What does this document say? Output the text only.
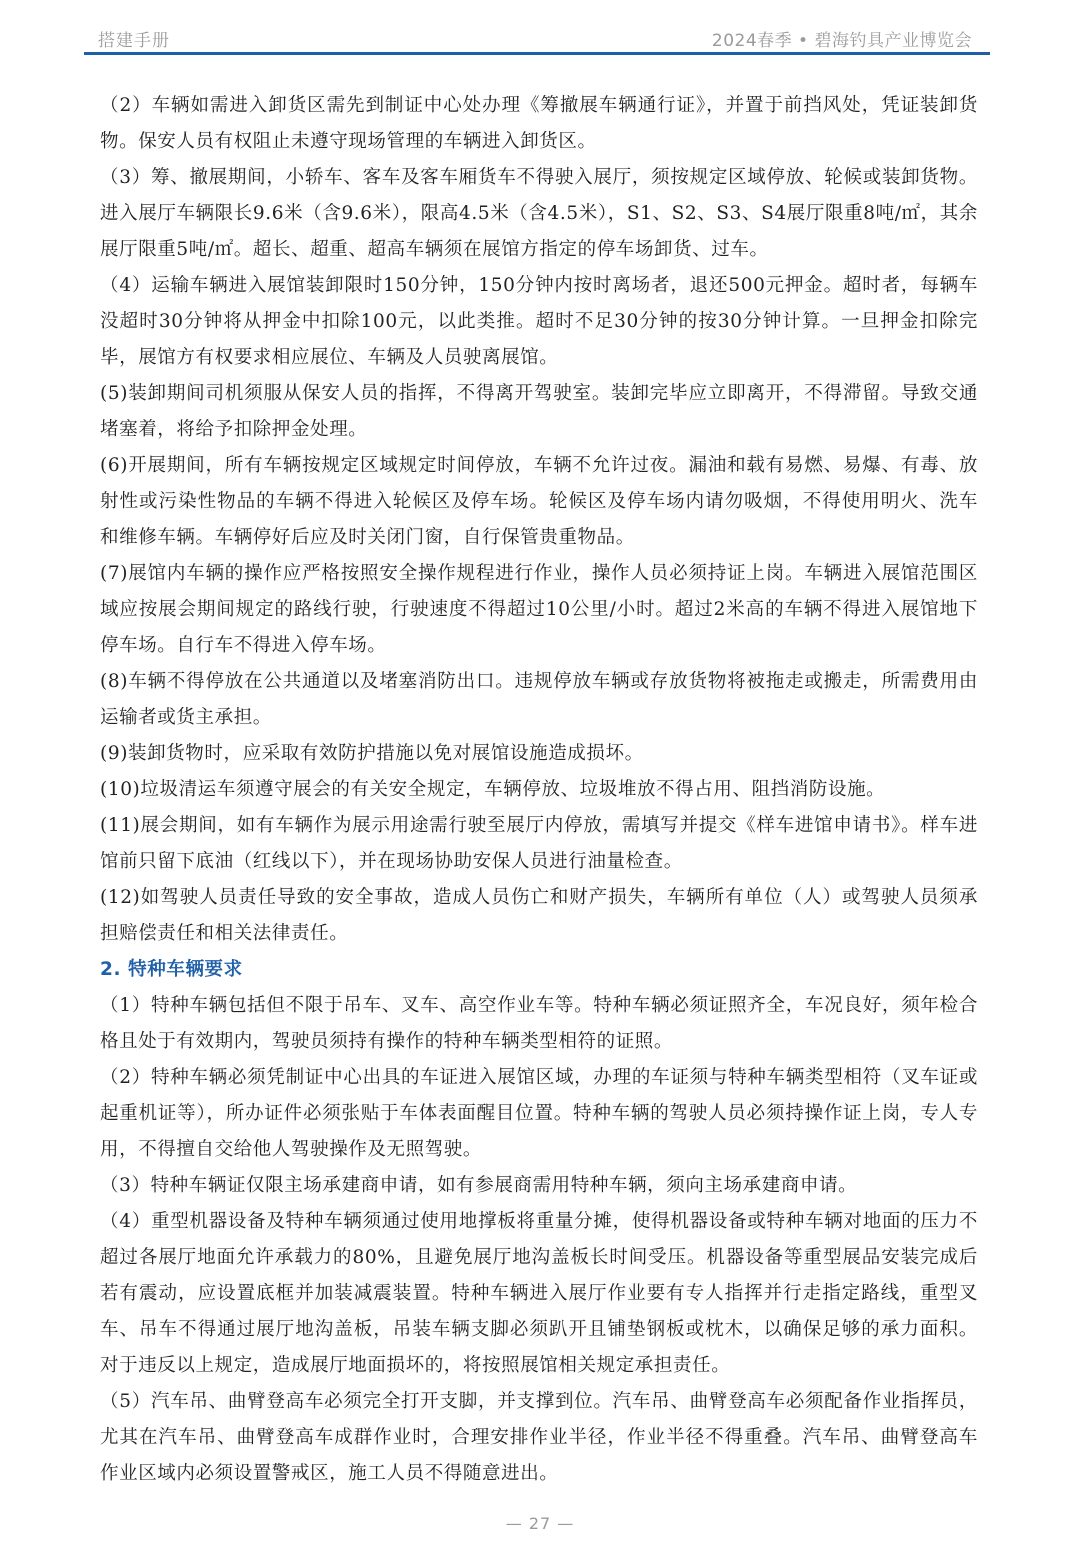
搭建手册	2024春季 • 碧海钓具产业博览会

（2）车辆如需进入卸货区需先到制证中心处办理《筹撤展车辆通行证》，并置于前挡风处，凭证装卸货物。保安人员有权阻止未遵守现场管理的车辆进入卸货区。

（3）筹、撤展期间，小轿车、客车及客车厢货车不得驶入展厅，须按规定区域停放、轮候或装卸货物。进入展厅车辆限长9.6米（含9.6米），限高4.5米（含4.5米），S1、S2、S3、S4展厅限重8吨/㎡，其余展厅限重5吨/㎡。超长、超重、超高车辆须在展馆方指定的停车场卸货、过车。

（4）运输车辆进入展馆装卸限时150分钟，150分钟内按时离场者，退还500元押金。超时者，每辆车没超时30分钟将从押金中扣除100元，以此类推。超时不足30分钟的按30分钟计算。一旦押金扣除完毕，展馆方有权要求相应展位、车辆及人员驶离展馆。

(5)装卸期间司机须服从保安人员的指挥，不得离开驾驶室。装卸完毕应立即离开，不得滞留。导致交通堵塞着，将给予扣除押金处理。

(6)开展期间，所有车辆按规定区域规定时间停放，车辆不允许过夜。漏油和载有易燃、易爆、有毒、放射性或污染性物品的车辆不得进入轮候区及停车场。轮候区及停车场内请勿吸烟，不得使用明火、洗车和维修车辆。车辆停好后应及时关闭门窗，自行保管贵重物品。

(7)展馆内车辆的操作应严格按照安全操作规程进行作业，操作人员必须持证上岗。车辆进入展馆范围区域应按展会期间规定的路线行驶，行驶速度不得超过10公里/小时。超过2米高的车辆不得进入展馆地下停车场。自行车不得进入停车场。

(8)车辆不得停放在公共通道以及堵塞消防出口。违规停放车辆或存放货物将被拖走或搬走，所需费用由运输者或货主承担。

(9)装卸货物时，应采取有效防护措施以免对展馆设施造成损坏。

(10)垃圾清运车须遵守展会的有关安全规定，车辆停放、垃圾堆放不得占用、阻挡消防设施。

(11)展会期间，如有车辆作为展示用途需行驶至展厅内停放，需填写并提交《样车进馆申请书》。样车进馆前只留下底油（红线以下），并在现场协助安保人员进行油量检查。

(12)如驾驶人员责任导致的安全事故，造成人员伤亡和财产损失，车辆所有单位（人）或驾驶人员须承担赔偿责任和相关法律责任。

2. 特种车辆要求

（1）特种车辆包括但不限于吊车、叉车、高空作业车等。特种车辆必须证照齐全，车况良好，须年检合格且处于有效期内，驾驶员须持有操作的特种车辆类型相符的证照。

（2）特种车辆必须凭制证中心出具的车证进入展馆区域，办理的车证须与特种车辆类型相符（叉车证或起重机证等），所办证件必须张贴于车体表面醒目位置。特种车辆的驾驶人员必须持操作证上岗，专人专用，不得擅自交给他人驾驶操作及无照驾驶。

（3）特种车辆证仅限主场承建商申请，如有参展商需用特种车辆，须向主场承建商申请。

（4）重型机器设备及特种车辆须通过使用地撑板将重量分摊，使得机器设备或特种车辆对地面的压力不超过各展厅地面允许承载力的80%，且避免展厅地沟盖板长时间受压。机器设备等重型展品安装完成后若有震动，应设置底框并加装减震装置。特种车辆进入展厅作业要有专人指挥并行走指定路线，重型叉车、吊车不得通过展厅地沟盖板，吊装车辆支脚必须趴开且铺垫钢板或枕木，以确保足够的承力面积。对于违反以上规定，造成展厅地面损坏的，将按照展馆相关规定承担责任。

（5）汽车吊、曲臂登高车必须完全打开支脚，并支撑到位。汽车吊、曲臂登高车必须配备作业指挥员，尤其在汽车吊、曲臂登高车成群作业时，合理安排作业半径，作业半径不得重叠。汽车吊、曲臂登高车作业区域内必须设置警戒区，施工人员不得随意进出。

— 27 —
